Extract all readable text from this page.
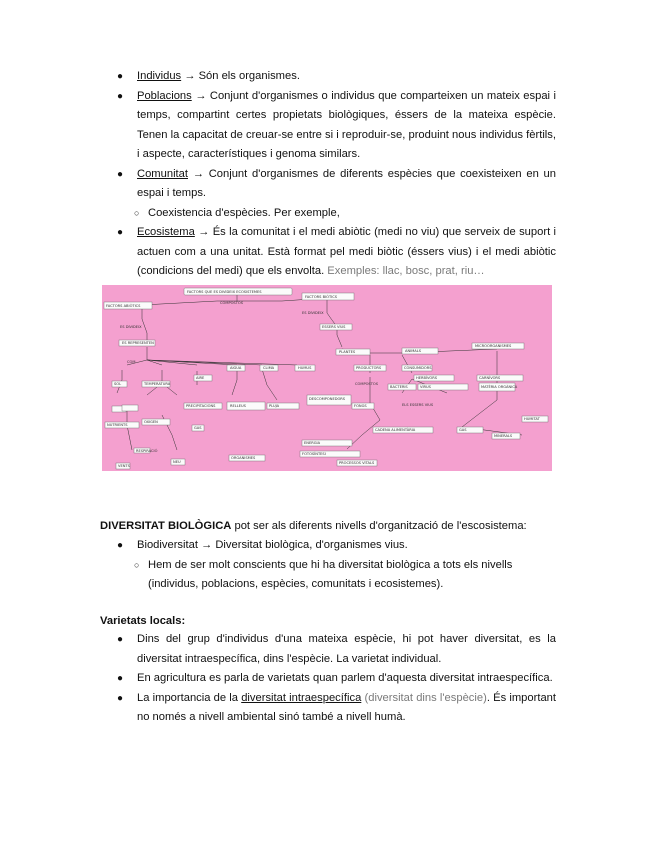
● Individus → Són els organismes.
● Poblacions → Conjunt d'organismes o individus que comparteixen un mateix espai i temps, compartint certes propietats biològiques, éssers de la mateixa espècie. Tenen la capacitat de creuar-se entre si i reproduir-se, produint nous individus fèrtils, i aspecte, característiques i genoma similars.
● Comunitat → Conjunt d'organismes de diferents espècies que coexisteixen en un espai i temps.
○ Coexistencia d'espècies. Per exemple,
● Ecosistema → És la comunitat i el medi abiòtic (medi no viu) que serveix de suport i actuen com a una unitat. Està format pel medi biòtic (éssers vius) i el medi abiòtic (condicions del medi) que els envolta. Exemples: llac, bosc, prat, riu…
FACTORS QUE ES DIVIDEIX ECOSISTEMES
FACTORS ABIÒTICS
FACTORS BIÒTICS
COMPOSTOS
ES DIVIDEIX
ES DIVIDEIX
ESSERS VIUS
ES REPRESENTEN
COM
SOL	TEMPERATURA
AIRE
AIGUA	CLIMA	HUMUS
PLANTES	ANIMALS
MICROORGANISMES
NUTRIENTS
OXIGEN
PRECIPITACIONS	RELLEUS	PLUJA
DESCOMPONEDORS
FONGS
PRODUCTORS	CONSUMIDORS
HERBÍVORS	CARNÍVORS
BACTERIS	VIRUS	MATÈRIA ORGÀNICA
CADENA ALIMENTÀRIA
ENERGIA
FOTOSÍNTESI
GAS
MINERALS
HUMITAT
ORGANISMES
PROCESSOS VITALS
NEU
VENTS
GAS
RESPIRACIÓ
ELS ESSERS VIUS
COMPOSTOS
DIVERSITAT BIOLÒGICA pot ser als diferents nivells d'organització de l'escosistema:
● Biodiversitat → Diversitat biològica, d'organismes vius.
○ Hem de ser molt conscients que hi ha diversitat biològica a tots els nivells (individus, poblacions, espècies, comunitats i ecosistemes).
Varietats locals:
● Dins del grup d'individus d'una mateixa espècie, hi pot haver diversitat, es la diversitat intraespecífica, dins l'espècie. La varietat individual.
● En agricultura es parla de varietats quan parlem d'aquesta diversitat intraespecífica.
● La importancia de la diversitat intraespecífica (diversitat dins l'espècie). És important no només a nivell ambiental sinó també a nivell humà.
